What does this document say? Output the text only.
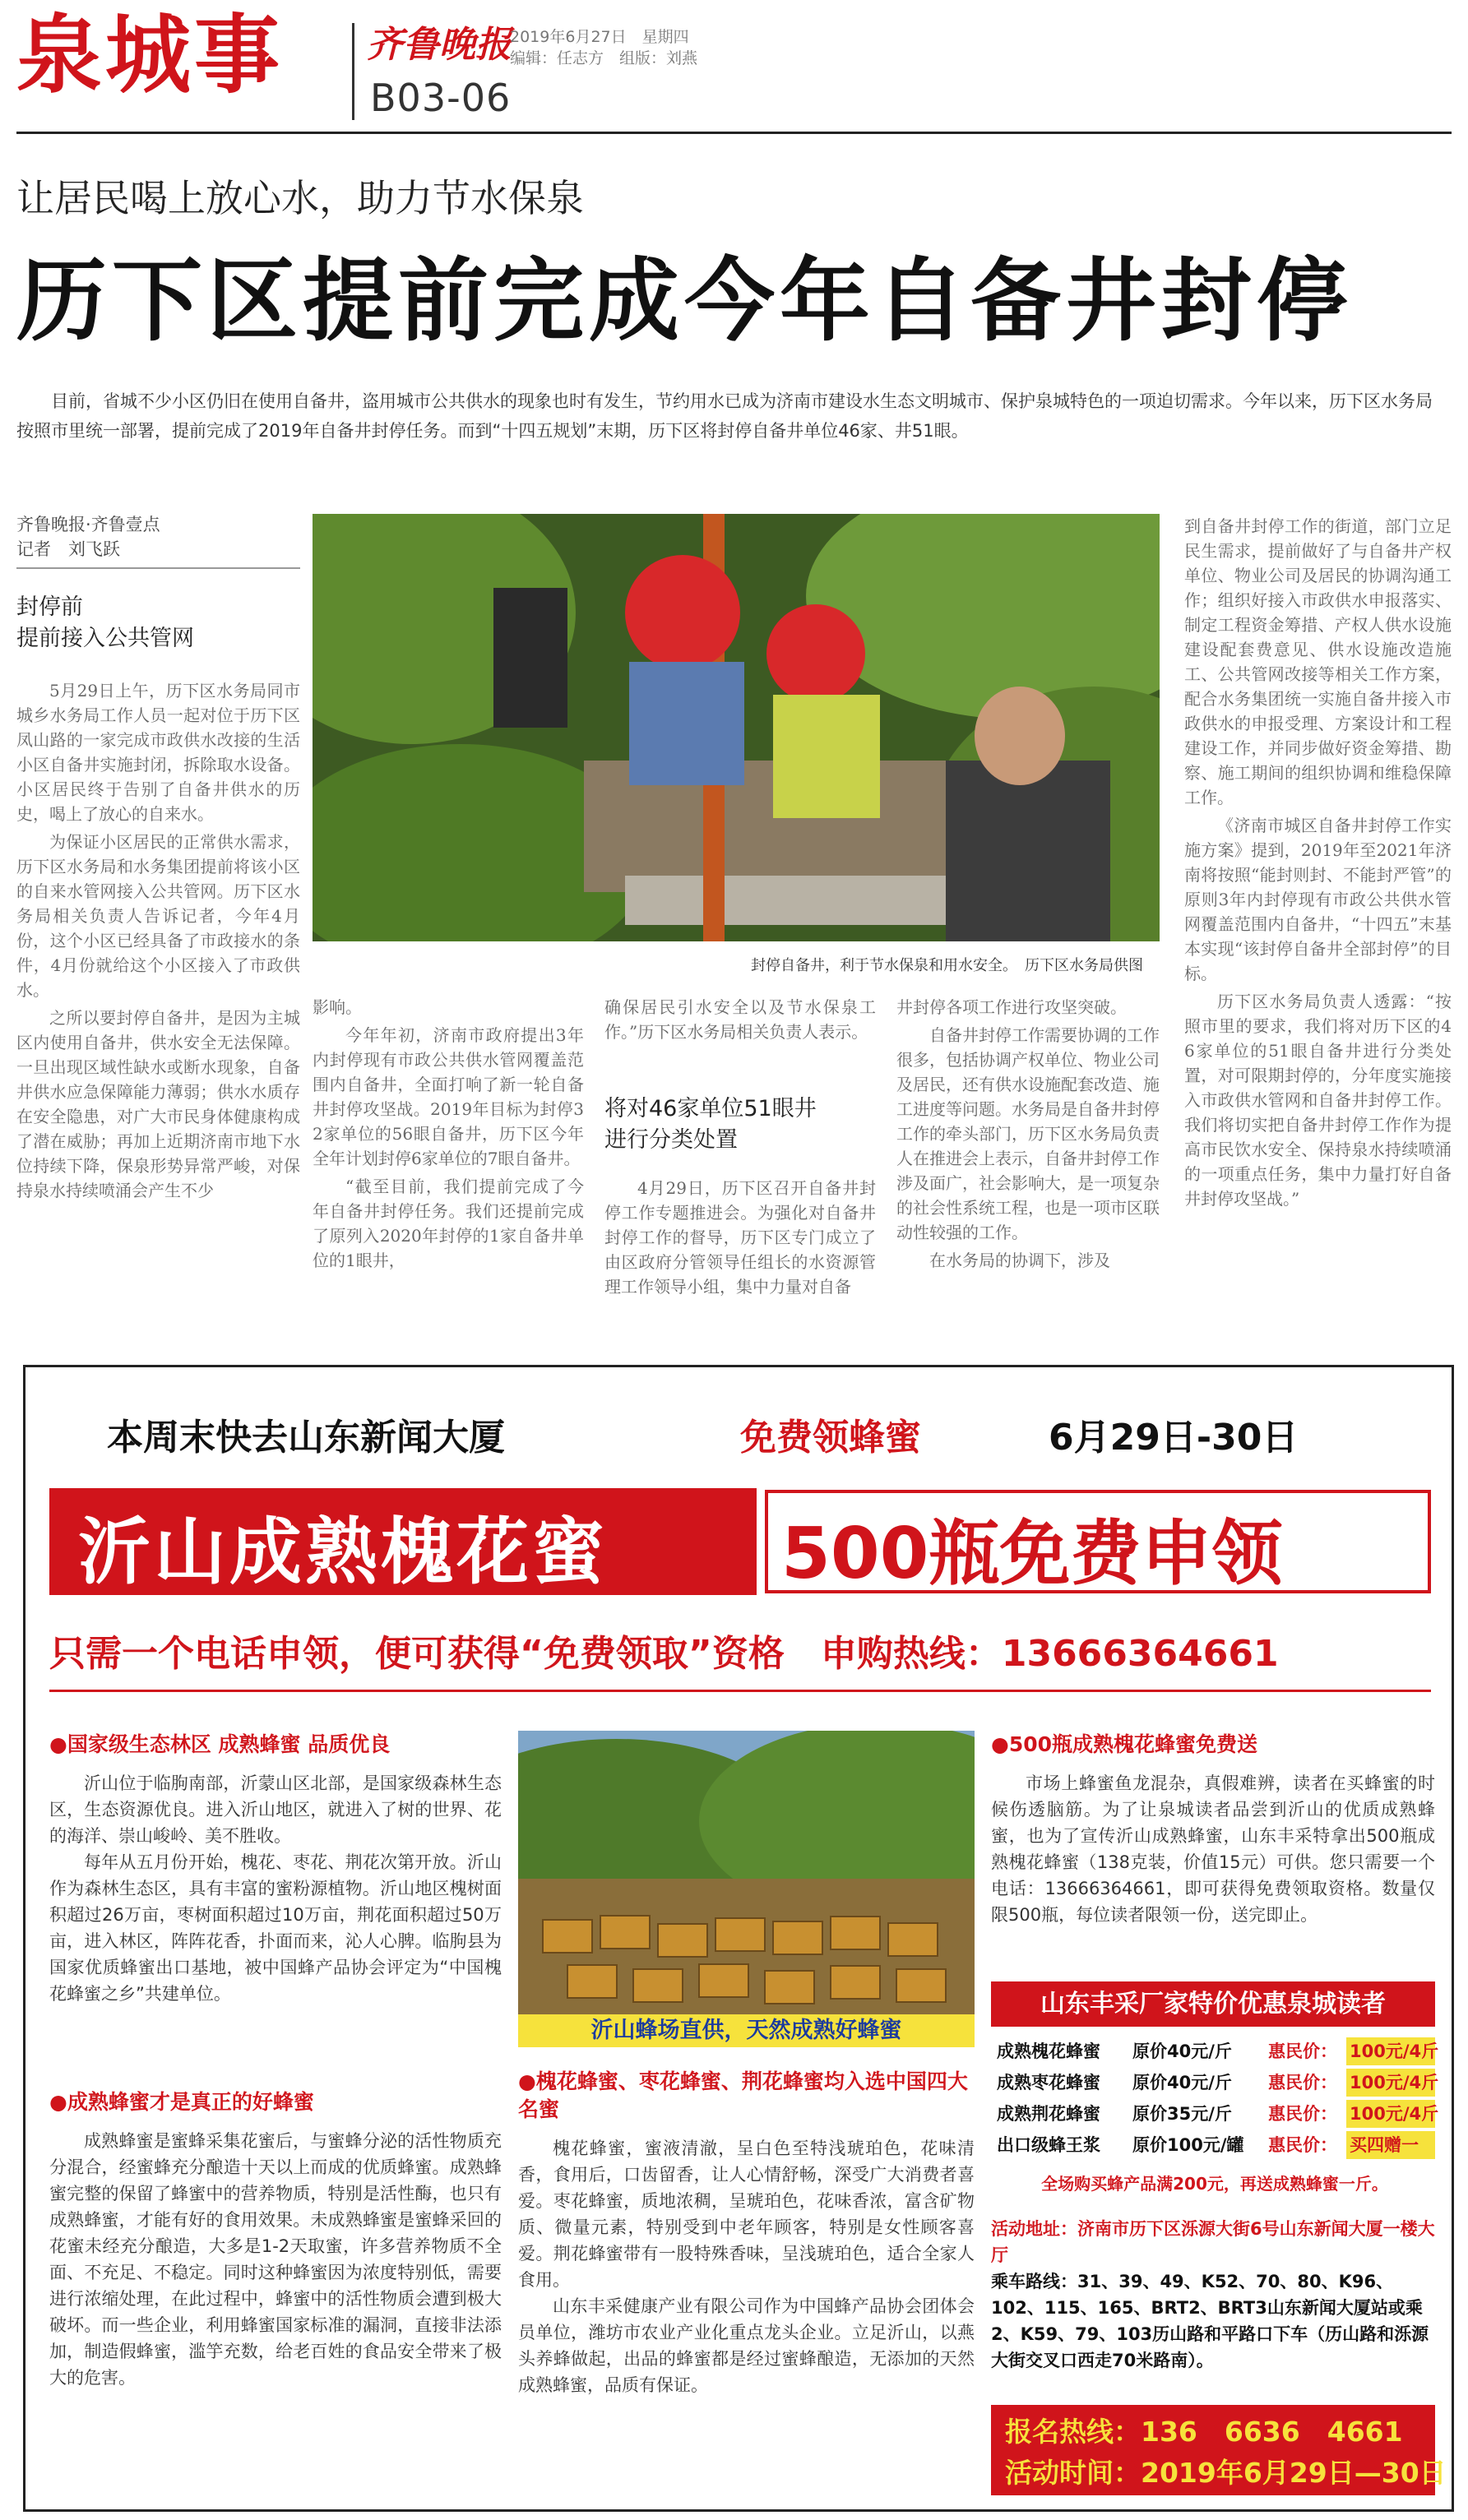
泉城事 齐鲁晚报
2019年6月27日　星期四
编辑：任志方　组版：刘燕
B03-06
让居民喝上放心水，助力节水保泉
历下区提前完成今年自备井封停
目前，省城不少小区仍旧在使用自备井，盗用城市公共供水的现象也时有发生，节约用水已成为济南市建设水生态文明城市、保护泉城特色的一项迫切需求。今年以来，历下区水务局按照市里统一部署，提前完成了2019年自备井封停任务。而到“十四五规划”末期，历下区将封停自备井单位46家、井51眼。
齐鲁晚报·齐鲁壹点
记者　刘飞跃
封停前
提前接入公共管网

5月29日上午，历下区水务局同市城乡水务局工作人员一起对位于历下区凤山路的一家完成市政供水改接的生活小区自备井实施封闭，拆除取水设备。小区居民终于告别了自备井供水的历史，喝上了放心的自来水。

为保证小区居民的正常供水需求，历下区水务局和水务集团提前将该小区的自来水管网接入公共管网。历下区水务局相关负责人告诉记者，今年4月份，这个小区已经具备了市政接水的条件，4月份就给这个小区接入了市政供水。

之所以要封停自备井，是因为主城区内使用自备井，供水安全无法保障。一旦出现区域性缺水或断水现象，自备井供水应急保障能力薄弱；供水水质存在安全隐患，对广大市民身体健康构成了潜在威胁；再加上近期济南市地下水位持续下降，保泉形势异常严峻，对保持泉水持续喷涌会产生不少

封停自备井，利于节水保泉和用水安全。　历下区水务局供图

影响。

今年年初，济南市政府提出3年内封停现有市政公共供水管网覆盖范围内自备井，全面打响了新一轮自备井封停攻坚战。2019年目标为封停32家单位的56眼自备井，历下区今年全年计划封停6家单位的7眼自备井。

“截至目前，我们提前完成了今年自备井封停任务。我们还提前完成了原列入2020年封停的1家自备井单位的1眼井，

确保居民引水安全以及节水保泉工作。”历下区水务局相关负责人表示。

将对46家单位51眼井
进行分类处置

4月29日，历下区召开自备井封停工作专题推进会。为强化对自备井封停工作的督导，历下区专门成立了由区政府分管领导任组长的水资源管理工作领导小组，集中力量对自备

井封停各项工作进行攻坚突破。

自备井封停工作需要协调的工作很多，包括协调产权单位、物业公司及居民，还有供水设施配套改造、施工进度等问题。水务局是自备井封停工作的牵头部门，历下区水务局负责人在推进会上表示，自备井封停工作涉及面广，社会影响大，是一项复杂的社会性系统工程，也是一项市区联动性较强的工作。

在水务局的协调下，涉及

到自备井封停工作的街道，部门立足民生需求，提前做好了与自备井产权单位、物业公司及居民的协调沟通工作；组织好接入市政供水申报落实、制定工程资金筹措、产权人供水设施建设配套费意见、供水设施改造施工、公共管网改接等相关工作方案，配合水务集团统一实施自备井接入市政供水的申报受理、方案设计和工程建设工作，并同步做好资金筹措、勘察、施工期间的组织协调和维稳保障工作。

《济南市城区自备井封停工作实施方案》提到，2019年至2021年济南将按照“能封则封、不能封严管”的原则3年内封停现有市政公共供水管网覆盖范围内自备井，“十四五”末基本实现“该封停自备井全部封停”的目标。

历下区水务局负责人透露：“按照市里的要求，我们将对历下区的46家单位的51眼自备井进行分类处置，对可限期封停的，分年度实施接入市政供水管网和自备井封停工作。我们将切实把自备井封停工作作为提高市民饮水安全、保持泉水持续喷涌的一项重点任务，集中力量打好自备井封停攻坚战。”

本周末快去山东新闻大厦	免费领蜂蜜	6月29日-30日
沂山成熟槐花蜜 500瓶免费申领
只需一个电话申领，便可获得“免费领取”资格　申购热线：13666364661
●国家级生态林区 成熟蜂蜜 品质优良

沂山位于临朐南部，沂蒙山区北部，是国家级森林生态区，生态资源优良。进入沂山地区，就进入了树的世界、花的海洋、崇山峻岭、美不胜收。

每年从五月份开始，槐花、枣花、荆花次第开放。沂山作为森林生态区，具有丰富的蜜粉源植物。沂山地区槐树面积超过26万亩，枣树面积超过10万亩，荆花面积超过50万亩，进入林区，阵阵花香，扑面而来，沁人心脾。临朐县为国家优质蜂蜜出口基地，被中国蜂产品协会评定为“中国槐花蜂蜜之乡”共建单位。

●成熟蜂蜜才是真正的好蜂蜜

成熟蜂蜜是蜜蜂采集花蜜后，与蜜蜂分泌的活性物质充分混合，经蜜蜂充分酿造十天以上而成的优质蜂蜜。成熟蜂蜜完整的保留了蜂蜜中的营养物质，特别是活性酶，也只有成熟蜂蜜，才能有好的食用效果。未成熟蜂蜜是蜜蜂采回的花蜜未经充分酿造，大多是1-2天取蜜，许多营养物质不全面、不充足、不稳定。同时这种蜂蜜因为浓度特别低，需要进行浓缩处理，在此过程中，蜂蜜中的活性物质会遭到极大破坏。而一些企业，利用蜂蜜国家标准的漏洞，直接非法添加，制造假蜂蜜，滥竽充数，给老百姓的食品安全带来了极大的危害。

沂山蜂场直供，天然成熟好蜂蜜
●槐花蜂蜜、枣花蜂蜜、荆花蜂蜜均入选中国四大名蜜

槐花蜂蜜，蜜液清澈，呈白色至特浅琥珀色，花味清香，食用后，口齿留香，让人心情舒畅，深受广大消费者喜爱。枣花蜂蜜，质地浓稠，呈琥珀色，花味香浓，富含矿物质、微量元素，特别受到中老年顾客，特别是女性顾客喜爱。荆花蜂蜜带有一股特殊香味，呈浅琥珀色，适合全家人食用。

山东丰采健康产业有限公司作为中国蜂产品协会团体会员单位，潍坊市农业产业化重点龙头企业。立足沂山，以燕头养蜂做起，出品的蜂蜜都是经过蜜蜂酿造，无添加的天然成熟蜂蜜，品质有保证。

●500瓶成熟槐花蜂蜜免费送

市场上蜂蜜鱼龙混杂，真假难辨，读者在买蜂蜜的时候伤透脑筋。为了让泉城读者品尝到沂山的优质成熟蜂蜜，也为了宣传沂山成熟蜂蜜，山东丰采特拿出500瓶成熟槐花蜂蜜（138克装，价值15元）可供。您只需要一个电话：13666364661，即可获得免费领取资格。数量仅限500瓶，每位读者限领一份，送完即止。

山东丰采厂家特价优惠泉城读者
成熟槐花蜂蜜 原价40元/斤 惠民价： 100元/4斤
成熟枣花蜂蜜 原价40元/斤 惠民价： 100元/4斤
成熟荆花蜂蜜 原价35元/斤 惠民价： 100元/4斤
出口级蜂王浆 原价100元/罐 惠民价： 买四赠一
全场购买蜂产品满200元，再送成熟蜂蜜一斤。
活动地址：济南市历下区泺源大街6号山东新闻大厦一楼大厅
乘车路线：31、39、49、K52、70、80、K96、102、115、165、BRT2、BRT3山东新闻大厦站或乘2、K59、79、103历山路和平路口下车（历山路和泺源大街交叉口西走70米路南）。
报名热线：136　6636　4661
活动时间：2019年6月29日—30日
